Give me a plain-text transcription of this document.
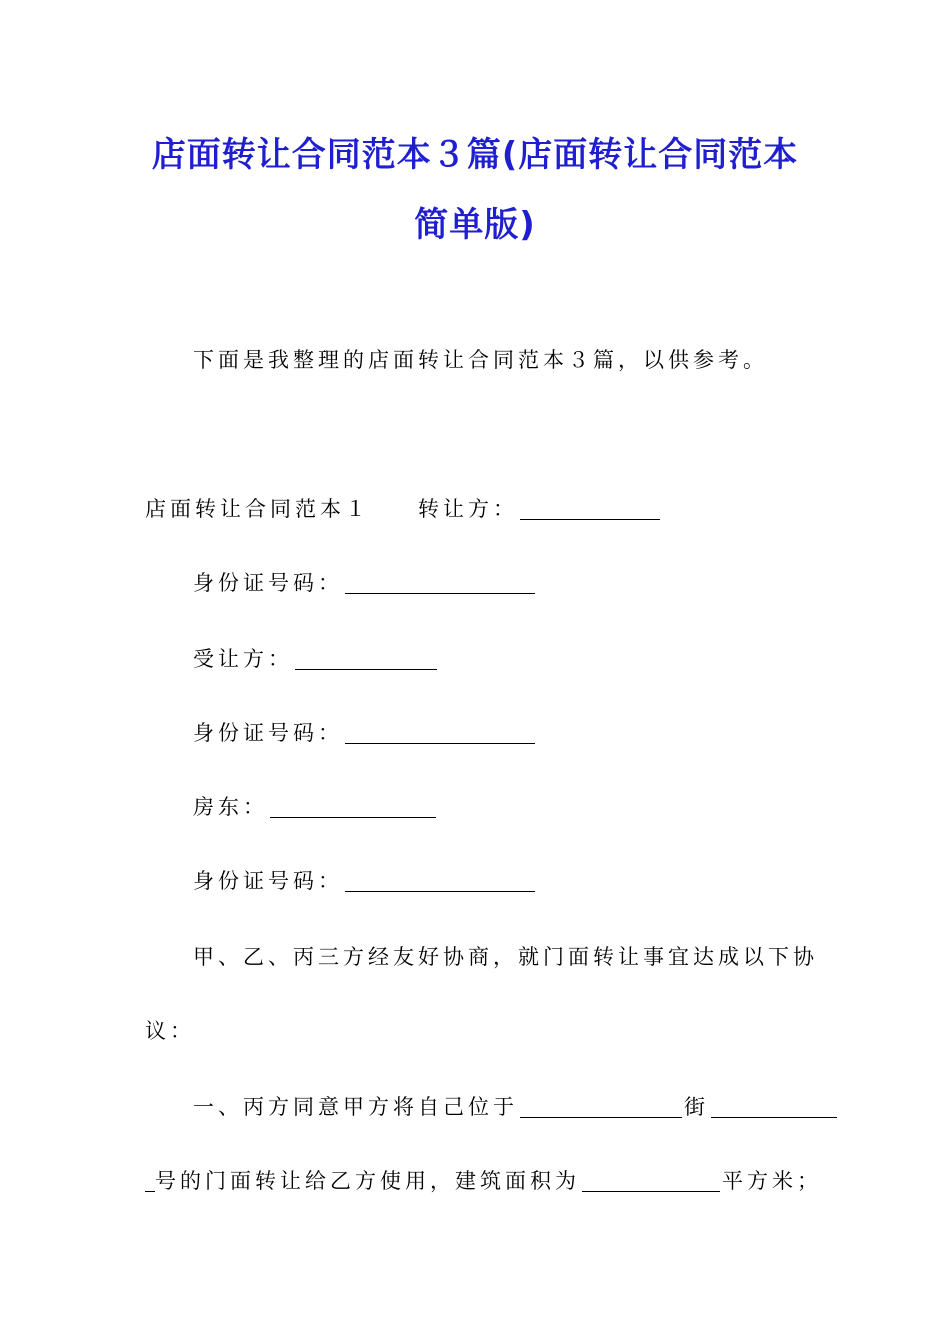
店面转让合同范本３篇(店面转让合同范本
简单版)

下面是我整理的店面转让合同范本３篇，以供参考。

店面转让合同范本１ 转让方：

身份证号码：

受让方：

身份证号码：

房东：

身份证号码：

甲、乙、丙三方经友好协商，就门面转让事宜达成以下协

议：

一、丙方同意甲方将自己位于	街

号的门面转让给乙方使用，建筑面积为	平方米；
